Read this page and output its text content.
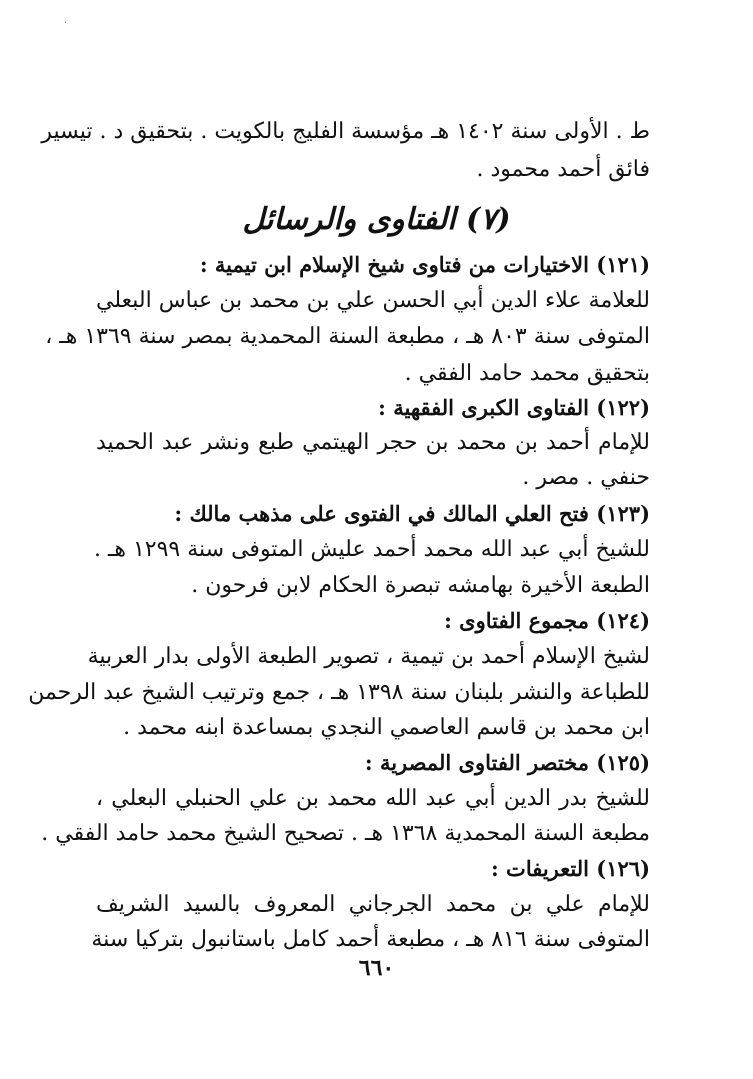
·
ط . الأولى سنة ١٤٠٢ هـ مؤسسة الفليج بالكويت . بتحقيق د . تيسير
فائق أحمد محمود .
(٧) الفتاوى والرسائل
(١٢١) الاختيارات من فتاوى شيخ الإسلام ابن تيمية :
للعلامة علاء الدين أبي الحسن علي بن محمد بن عباس البعلي
المتوفى سنة ٨٠٣ هـ ، مطبعة السنة المحمدية بمصر سنة ١٣٦٩ هـ ،
بتحقيق محمد حامد الفقي .
(١٢٢) الفتاوى الكبرى الفقهية :
للإمام أحمد بن محمد بن حجر الهيتمي طبع ونشر عبد الحميد
حنفي . مصر .
(١٢٣) فتح العلي المالك في الفتوى على مذهب مالك :
للشيخ أبي عبد الله محمد أحمد عليش المتوفى سنة ١٢٩٩ هـ .
الطبعة الأخيرة بهامشه تبصرة الحكام لابن فرحون .
(١٢٤) مجموع الفتاوى :
لشيخ الإسلام أحمد بن تيمية ، تصوير الطبعة الأولى بدار العربية
للطباعة والنشر بلبنان سنة ١٣٩٨ هـ ، جمع وترتيب الشيخ عبد الرحمن
ابن محمد بن قاسم العاصمي النجدي بمساعدة ابنه محمد .
(١٢٥) مختصر الفتاوى المصرية :
للشيخ بدر الدين أبي عبد الله محمد بن علي الحنبلي البعلي ،
مطبعة السنة المحمدية ١٣٦٨ هـ . تصحيح الشيخ محمد حامد الفقي .
(١٢٦) التعريفات :
للإمام علي بن محمد الجرجاني المعروف بالسيد الشريف
المتوفى سنة ٨١٦ هـ ، مطبعة أحمد كامل باستانبول بتركيا سنة
٦٦٠
